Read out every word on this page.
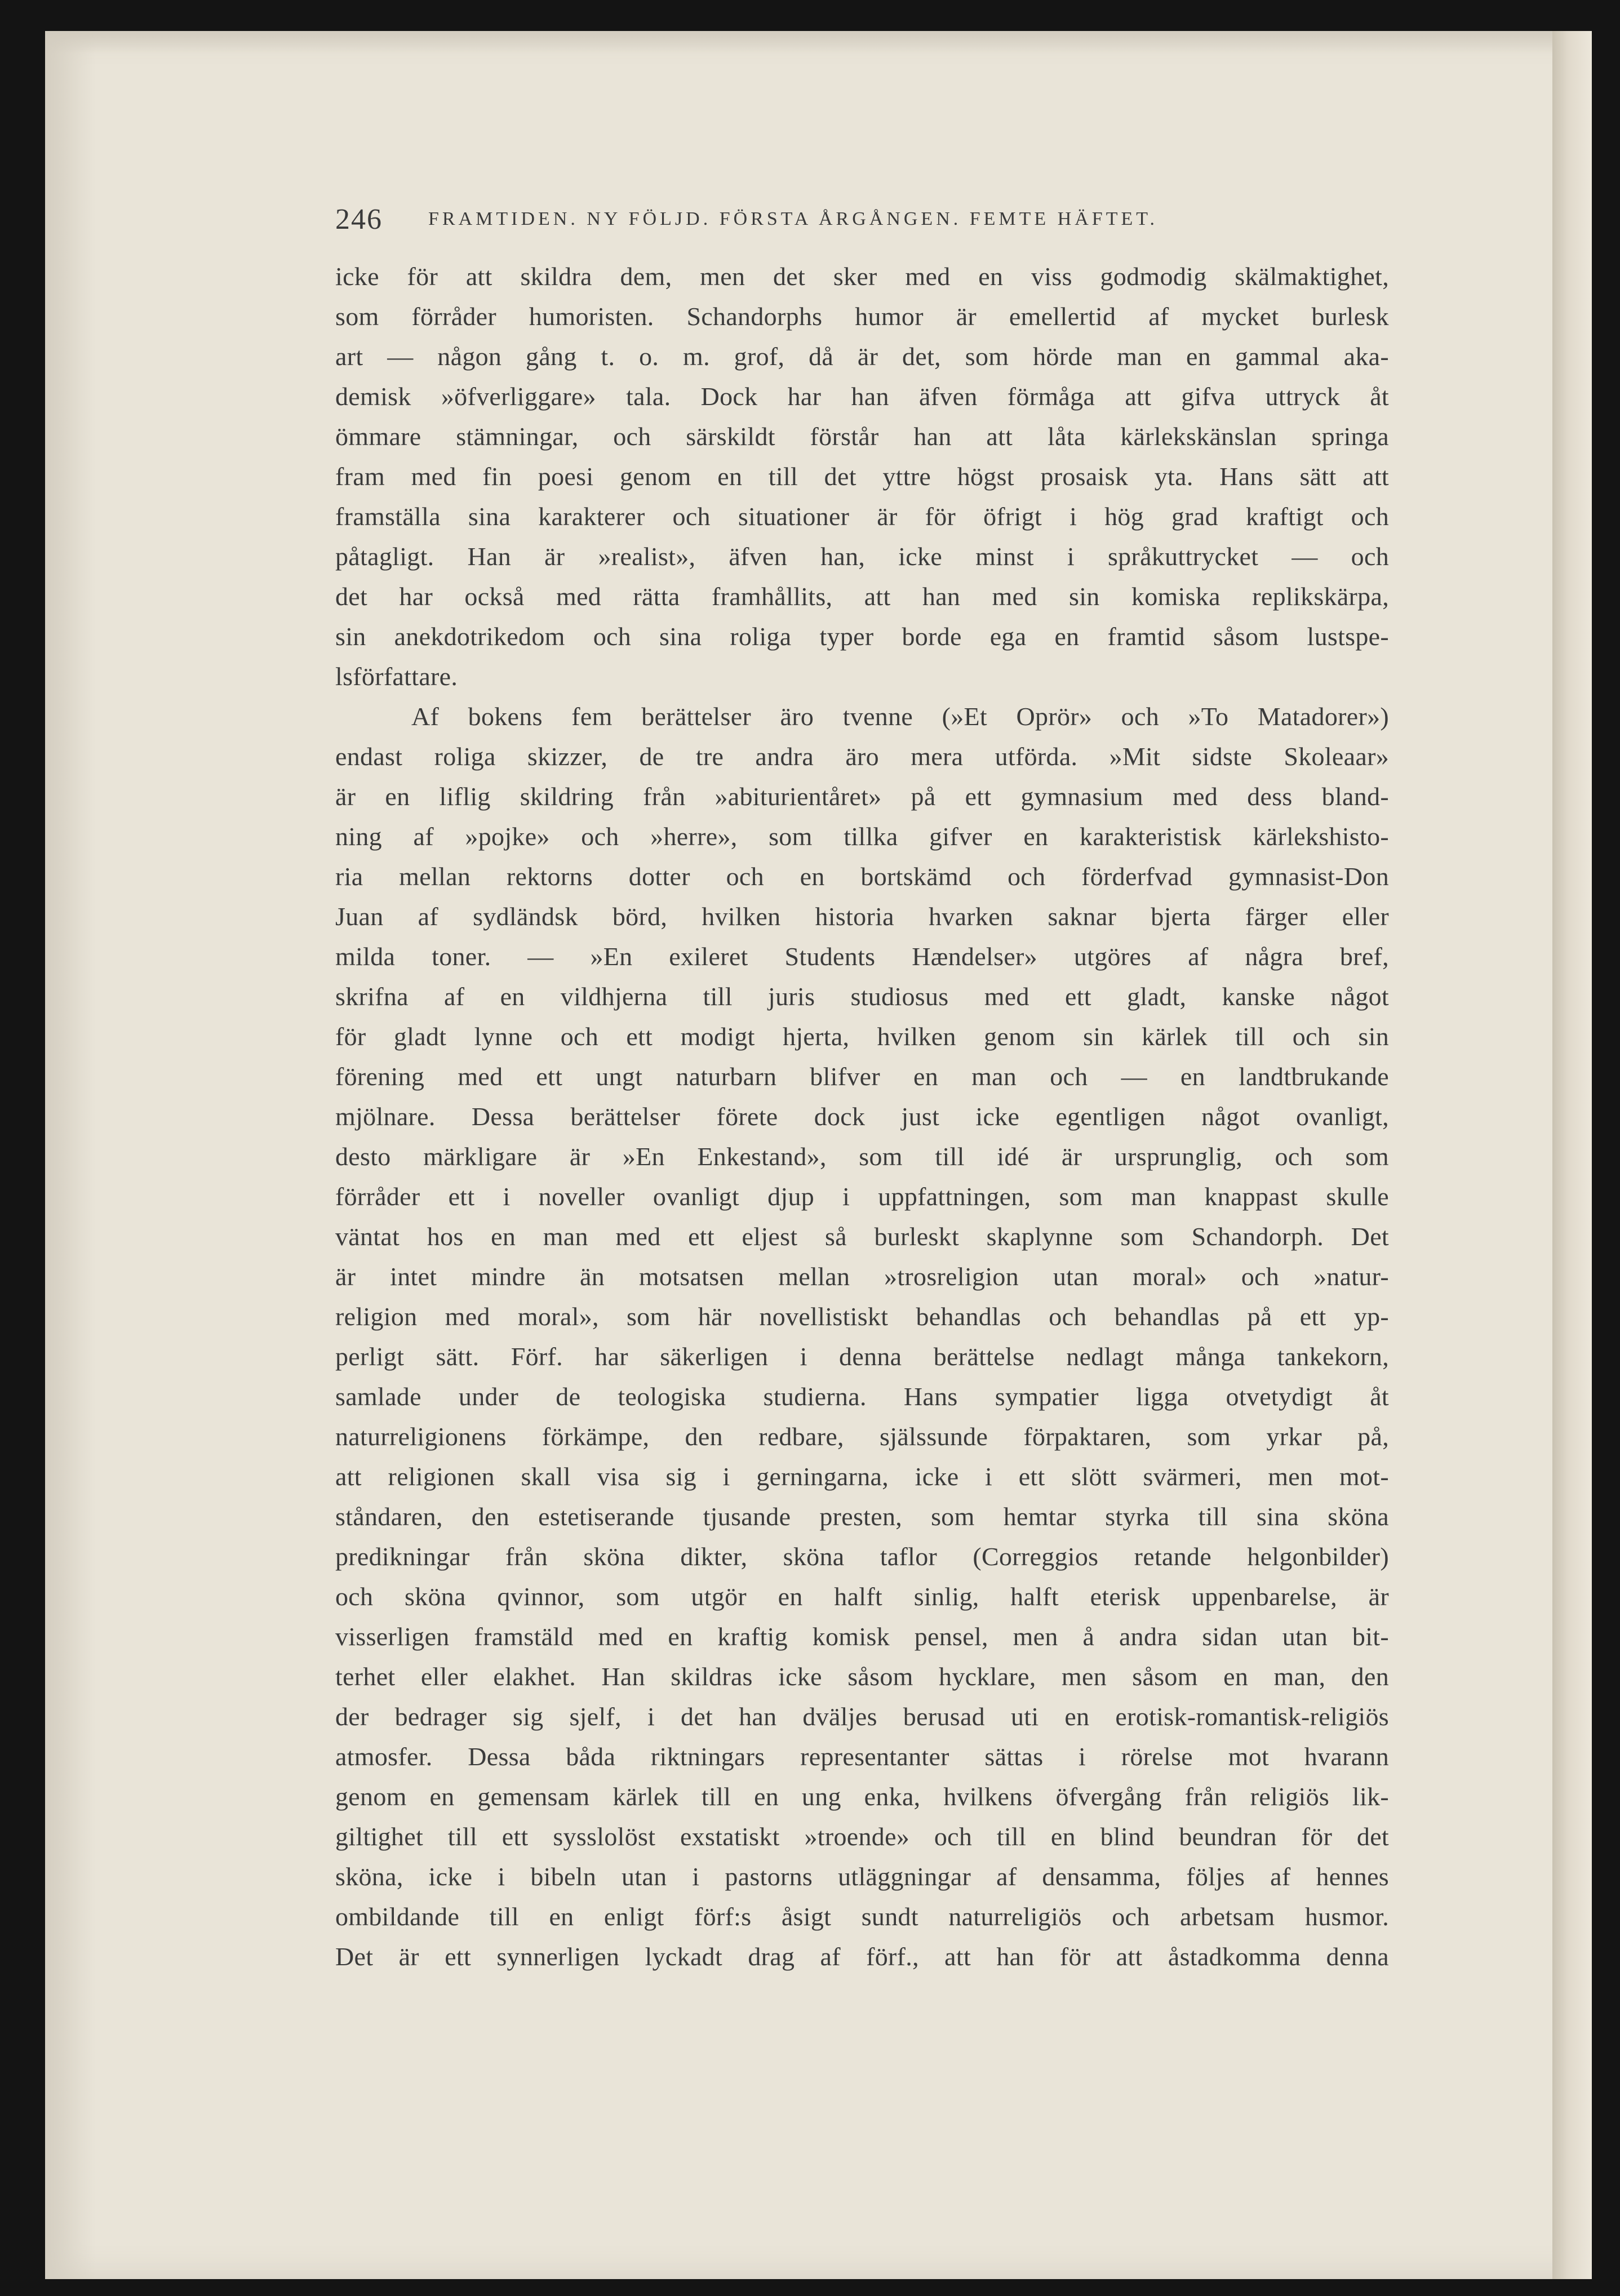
246 FRAMTIDEN. NY FÖLJD. FÖRSTA ÅRGÅNGEN. FEMTE HÄFTET.
icke för att skildra dem, men det sker med en viss godmodig skälmaktighet,
som förråder humoristen. Schandorphs humor är emellertid af mycket burlesk
art — någon gång t. o. m. grof, då är det, som hörde man en gammal aka-
demisk »öfverliggare» tala. Dock har han äfven förmåga att gifva uttryck åt
ömmare stämningar, och särskildt förstår han att låta kärlekskänslan springa
fram med fin poesi genom en till det yttre högst prosaisk yta. Hans sätt att
framställa sina karakterer och situationer är för öfrigt i hög grad kraftigt och
påtagligt. Han är »realist», äfven han, icke minst i språkuttrycket — och
det har också med rätta framhållits, att han med sin komiska replikskärpa,
sin anekdotrikedom och sina roliga typer borde ega en framtid såsom lustspe-
lsförfattare.
Af bokens fem berättelser äro tvenne (»Et Oprör» och »To Matadorer»)
endast roliga skizzer, de tre andra äro mera utförda. »Mit sidste Skoleaar»
är en liflig skildring från »abiturientåret» på ett gymnasium med dess bland-
ning af »pojke» och »herre», som tillka gifver en karakteristisk kärlekshisto-
ria mellan rektorns dotter och en bortskämd och förderfvad gymnasist-Don
Juan af sydländsk börd, hvilken historia hvarken saknar bjerta färger eller
milda toner. — »En exileret Students Hændelser» utgöres af några bref,
skrifna af en vildhjerna till juris studiosus med ett gladt, kanske något
för gladt lynne och ett modigt hjerta, hvilken genom sin kärlek till och sin
förening med ett ungt naturbarn blifver en man och — en landtbrukande
mjölnare. Dessa berättelser förete dock just icke egentligen något ovanligt,
desto märkligare är »En Enkestand», som till idé är ursprunglig, och som
förråder ett i noveller ovanligt djup i uppfattningen, som man knappast skulle
väntat hos en man med ett eljest så burleskt skaplynne som Schandorph. Det
är intet mindre än motsatsen mellan »trosreligion utan moral» och »natur-
religion med moral», som här novellistiskt behandlas och behandlas på ett yp-
perligt sätt. Förf. har säkerligen i denna berättelse nedlagt många tankekorn,
samlade under de teologiska studierna. Hans sympatier ligga otvetydigt åt
naturreligionens förkämpe, den redbare, själssunde förpaktaren, som yrkar på,
att religionen skall visa sig i gerningarna, icke i ett slött svärmeri, men mot-
ståndaren, den estetiserande tjusande presten, som hemtar styrka till sina sköna
predikningar från sköna dikter, sköna taflor (Correggios retande helgonbilder)
och sköna qvinnor, som utgör en halft sinlig, halft eterisk uppenbarelse, är
visserligen framstäld med en kraftig komisk pensel, men å andra sidan utan bit-
terhet eller elakhet. Han skildras icke såsom hycklare, men såsom en man, den
der bedrager sig sjelf, i det han dväljes berusad uti en erotisk-romantisk-religiös
atmosfer. Dessa båda riktningars representanter sättas i rörelse mot hvarann
genom en gemensam kärlek till en ung enka, hvilkens öfvergång från religiös lik-
giltighet till ett sysslolöst exstatiskt »troende» och till en blind beundran för det
sköna, icke i bibeln utan i pastorns utläggningar af densamma, följes af hennes
ombildande till en enligt förf:s åsigt sundt naturreligiös och arbetsam husmor.
Det är ett synnerligen lyckadt drag af förf., att han för att åstadkomma denna
